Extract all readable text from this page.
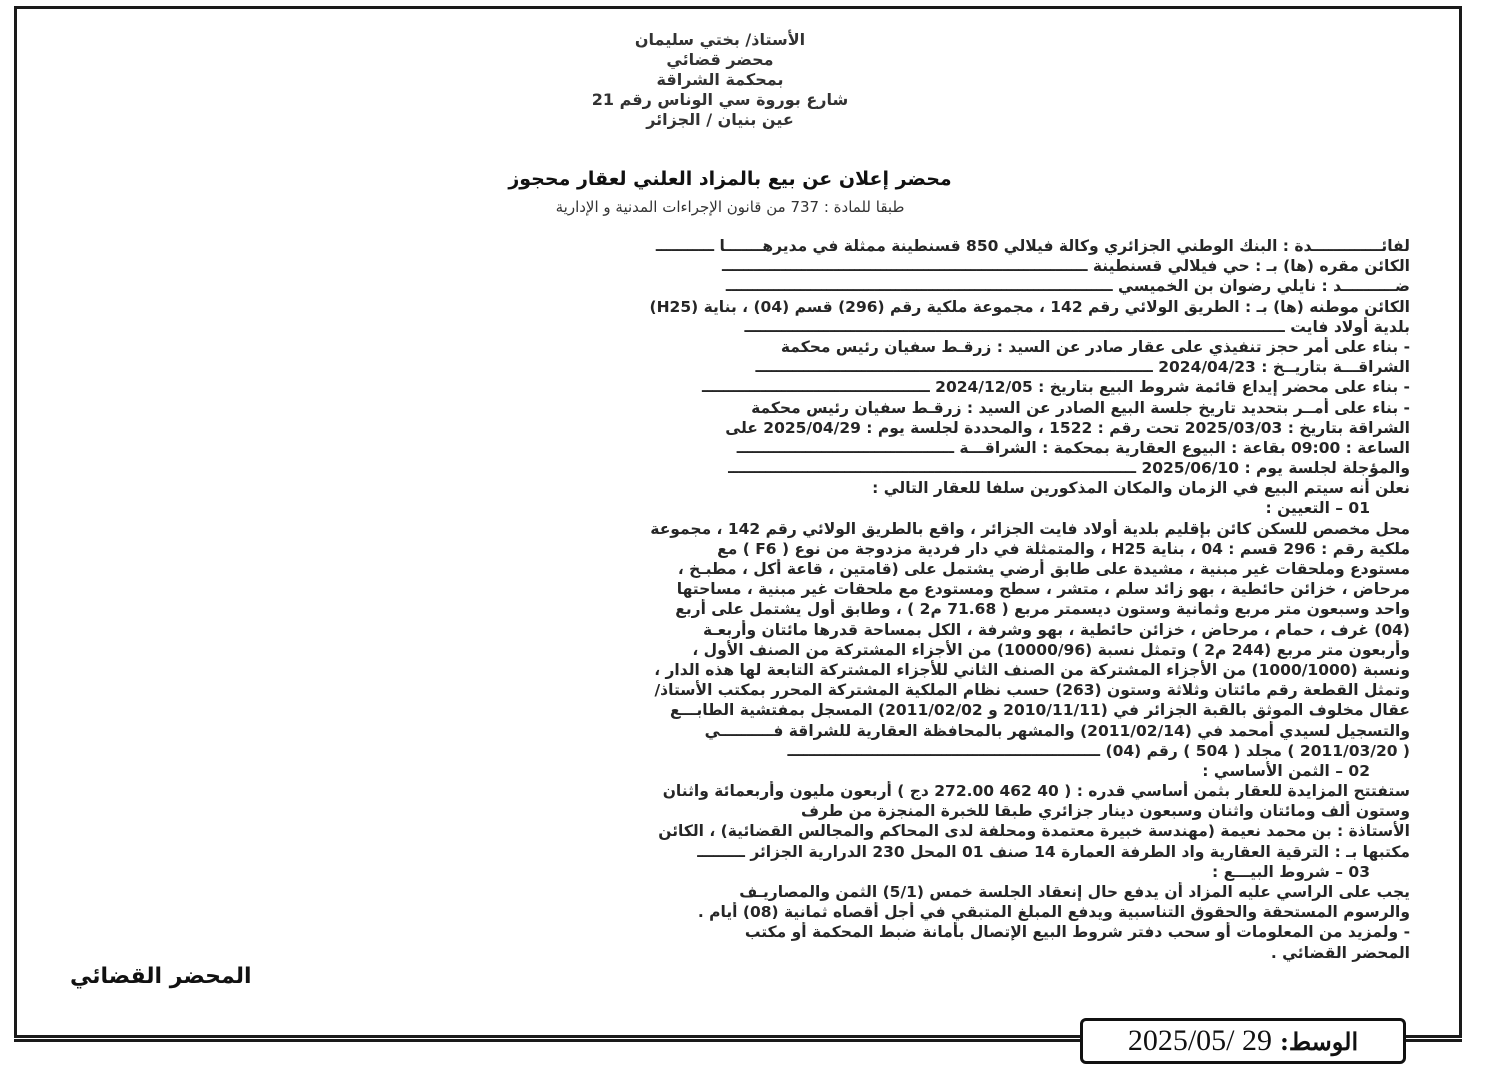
الأستاذ/ بختي سليمان
محضر قضائي
بمحكمة الشراقة
شارع بوروة سي الوناس رقم 21
عين بنيان / الجزائر
محضر إعلان عن بيع بالمزاد العلني لعقار محجوز
طبقا للمادة : 737 من قانون الإجراءات المدنية و الإدارية
لفائـــــــــــــدة : البنك الوطني الجزائري وكالة فيلالي 850 قسنطينة ممثلة في مديرهـــــــا ـــــــــــ
الكائن مقره (ها) بـ : حي فيلالي قسنطينة ـــــــــــــــــــــــــــــــــــــــــــــــــــــــــــــــــــــ
ضــــــــــد : نايلي رضوان بن الخميسي ـــــــــــــــــــــــــــــــــــــــــــــــــــــــــــــــــــــــــ
الكائن موطنه (ها) بـ : الطريق الولائي رقم 142 ، مجموعة ملكية رقم (296) قسم (04) ، بناية (H25)
بلدية أولاد فايت ــــــــــــــــــــــــــــــــــــــــــــــــــــــــــــــــــــــــــــــــــــــــــــــــــــــ
- بناء على أمر حجز تنفيذي على عقار صادر عن السيد : زرقـط سفيان رئيس محكمة
الشراقـــة بتاريــخ : 2024/04/23 ـــــــــــــــــــــــــــــــــــــــــــــــــــــــــــــــــــــــــــ
- بناء على محضر إيداع قائمة شروط البيع بتاريخ : 2024/12/05 ـــــــــــــــــــــــــــــــــــــــــــ
- بناء على أمــر بتحديد تاريخ جلسة البيع الصادر عن السيد : زرقـط سفيان رئيس محكمة
الشراقة بتاريخ : 2025/03/03 تحت رقم : 1522 ، والمحددة لجلسة يوم : 2025/04/29 على
الساعة : 09:00 بقاعة : البيوع العقارية بمحكمة : الشراقـــة ـــــــــــــــــــــــــــــــــــــــــ
والمؤجلة لجلسة يوم : 2025/06/10 ـــــــــــــــــــــــــــــــــــــــــــــــــــــــــــــــــــــــــــــ
نعلن أنه سيتم البيع في الزمان والمكان المذكورين سلفا للعقار التالي :
01 – التعيين :
محل مخصص للسكن كائن بإقليم بلدية أولاد فايت الجزائر ، واقع بالطريق الولائي رقم 142 ، مجموعة
ملكية رقم : 296 قسم : 04 ، بناية H25 ، والمتمثلة في دار فردية مزدوجة من نوع ( F6 ) مع
مستودع وملحقات غير مبنية ، مشيدة على طابق أرضي يشتمل على (قامتين ، قاعة أكل ، مطبـخ ،
مرحاض ، خزائن حائطية ، بهو زائد سلم ، متشر ، سطح ومستودع مع ملحقات غير مبنية ، مساحتها
واحد وسبعون متر مربع وثمانية وستون ديسمتر مربع ( 71.68 م2 ) ، وطابق أول يشتمل على أربع
(04) غرف ، حمام ، مرحاض ، خزائن حائطية ، بهو وشرفة ، الكل بمساحة قدرها مائتان وأربعـة
وأربعون متر مربع (244 م2 ) وتمثل نسبة (10000/96) من الأجزاء المشتركة من الصنف الأول ،
ونسبة (1000/1000) من الأجزاء المشتركة من الصنف الثاني للأجزاء المشتركة التابعة لها هذه الدار ،
وتمثل القطعة رقم مائتان وثلاثة وستون (263) حسب نظام الملكية المشتركة المحرر بمكتب الأستاذ/
عقال مخلوف الموثق بالقبة الجزائر في (2010/11/11 و 2011/02/02) المسجل بمفتشية الطابـــع
والتسجيل لسيدي أمحمد في (2011/02/14) والمشهر بالمحافظة العقارية للشراقة فــــــــــي
( 2011/03/20 ) مجلد ( 504 ) رقم (04) ـــــــــــــــــــــــــــــــــــــــــــــــــــــــــــ
02 – الثمن الأساسي :
ستفتتح المزايدة للعقار بثمن أساسي قدره : ( 40 462 272.00 دج ) أربعون مليون وأربعمائة واثنان
وستون ألف ومائتان واثنان وسبعون دينار جزائري طبقا للخبرة المنجزة من طرف
الأستاذة : بن محمد نعيمة (مهندسة خبيرة معتمدة ومحلفة لدى المحاكم والمجالس القضائية) ، الكائن
مكتبها بـ : الترقية العقارية واد الطرفة العمارة 14 صنف 01 المحل 230 الدرارية الجزائر ـــــــــ
03 – شروط البيـــع :
يجب على الراسي عليه المزاد أن يدفع حال إنعقاد الجلسة خمس (5/1) الثمن والمصاريـف
والرسوم المستحقة والحقوق التناسبية ويدفع المبلغ المتبقي في أجل أقصاه ثمانية (08) أيام .
- ولمزيد من المعلومات أو سحب دفتر شروط البيع الإتصال بأمانة ضبط المحكمة أو مكتب
المحضر القضائي .
المحضر القضائي
الوسط:
2025/05/ 29
